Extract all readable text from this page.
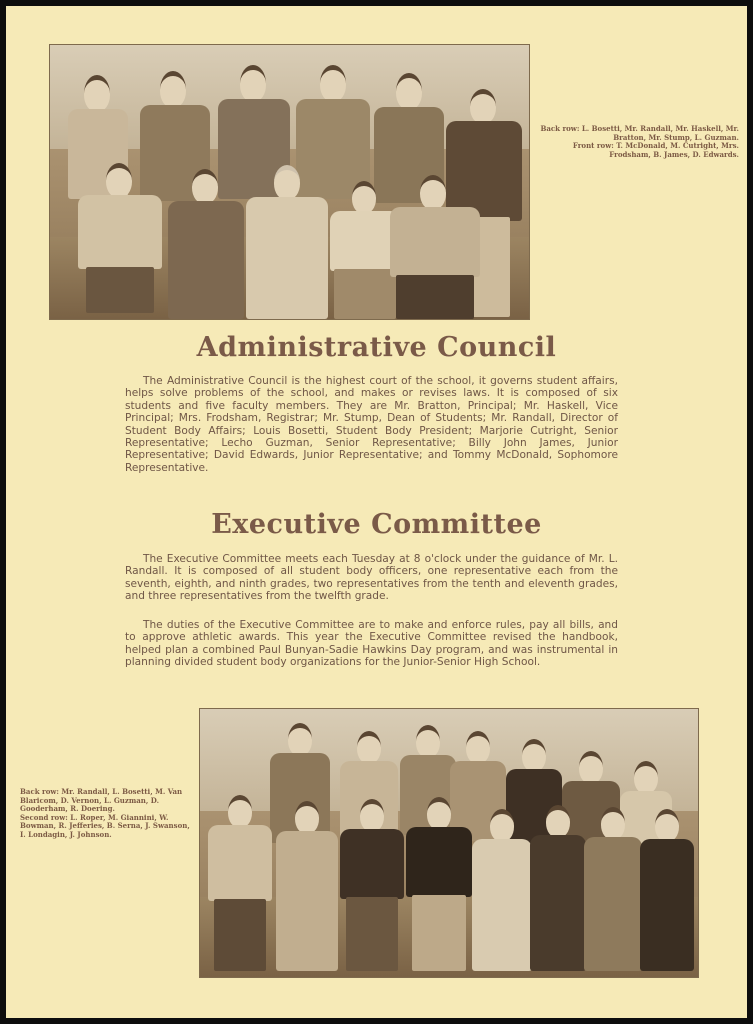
Back row: L. Bosetti, Mr. Randall, Mr. Haskell, Mr. Bratton, Mr. Stump, L. Guzman.
Front row: T. McDonald, M. Cutright, Mrs. Frodsham, B. James, D. Edwards.
Administrative Council

The Administrative Council is the highest court of the school, it governs student affairs, helps solve problems of the school, and makes or revises laws. It is composed of six students and five faculty members. They are Mr. Bratton, Principal; Mr. Haskell, Vice Principal; Mrs. Frodsham, Registrar; Mr. Stump, Dean of Students; Mr. Randall, Director of Student Body Affairs; Louis Bosetti, Student Body President; Marjorie Cutright, Senior Representative; Lecho Guzman, Senior Representative; Billy John James, Junior Representative; David Edwards, Junior Representative; and Tommy McDonald, Sophomore Representative.

Executive Committee

The Executive Committee meets each Tuesday at 8 o'clock under the guidance of Mr. L. Randall. It is composed of all student body officers, one representative each from the seventh, eighth, and ninth grades, two representatives from the tenth and eleventh grades, and three representatives from the twelfth grade.

The duties of the Executive Committee are to make and enforce rules, pay all bills, and to approve athletic awards. This year the Executive Committee revised the handbook, helped plan a combined Paul Bunyan-Sadie Hawkins Day program, and was instrumental in planning divided student body organizations for the Junior-Senior High School.

Back row: Mr. Randall, L. Bosetti, M. Van Blaricom, D. Vernon, L. Guzman, D. Gooderham, R. Doering.
Second row: L. Roper, M. Giannini, W. Bowman, R. Jefferies, B. Serna, J. Swanson, I. Londagin, J. Johnson.
